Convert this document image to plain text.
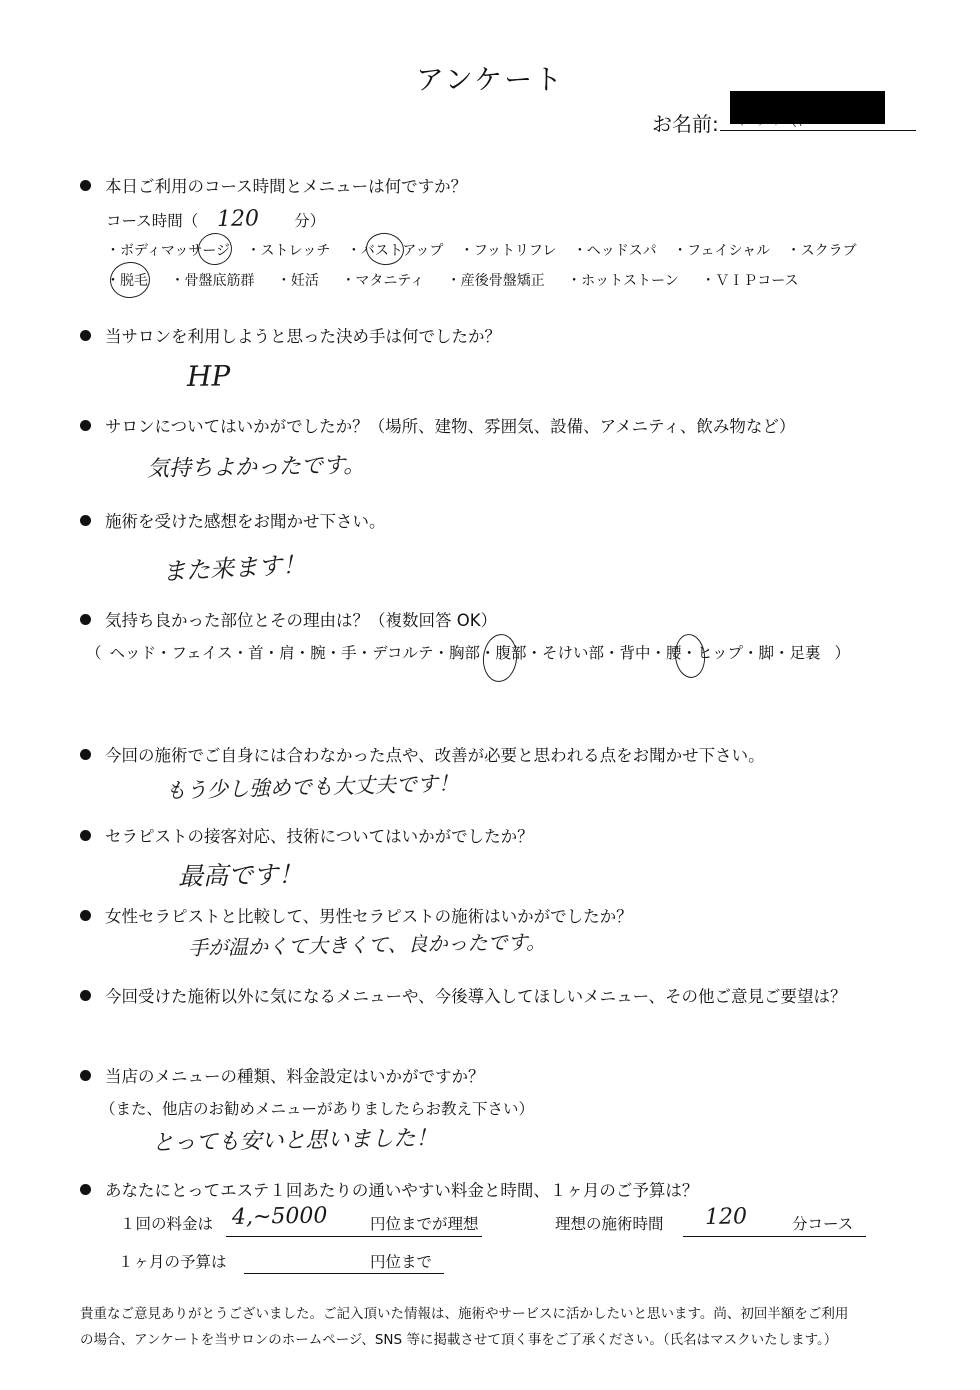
アンケート
お名前:
本日ご利用のコース時間とメニューは何ですか？
コース時間（ 120 分）
・ボディマッサージ ・ストレッチ ・バストアップ ・フットリフレ ・ヘッドスパ ・フェイシャル ・スクラブ
・脱毛 ・骨盤底筋群 ・妊活 ・マタニティ ・産後骨盤矯正 ・ホットストーン ・ＶＩＰコース
当サロンを利用しようと思った決め手は何でしたか？
HP
サロンについてはいかがでしたか？（場所、建物、雰囲気、設備、アメニティ、飲み物など）
気持ちよかったです。
施術を受けた感想をお聞かせ下さい。
また来ます！
気持ち良かった部位とその理由は？（複数回答 OK）
（ ヘッド・フェイス・首・肩・腕・手・デコルテ・胸部・腹部・そけい部・背中・腰・ヒップ・脚・足裏 ）
今回の施術でご自身には合わなかった点や、改善が必要と思われる点をお聞かせ下さい。
もう少し強めでも大丈夫です！
セラピストの接客対応、技術についてはいかがでしたか？
最高です！
女性セラピストと比較して、男性セラピストの施術はいかがでしたか？
手が温かくて大きくて、良かったです。
今回受けた施術以外に気になるメニューや、今後導入してほしいメニュー、その他ご意見ご要望は？
当店のメニューの種類、料金設定はいかがですか？
（また、他店のお勧めメニューがありましたらお教え下さい）
とっても安いと思いました！
あなたにとってエステ１回あたりの通いやすい料金と時間、１ヶ月のご予算は？
１回の料金は 4,~5000	円位までが理想	理想の施術時間 120	分コース
１ヶ月の予算は	円位まで
貴重なご意見ありがとうございました。ご記入頂いた情報は、施術やサービスに活かしたいと思います。尚、初回半額をご利用
の場合、アンケートを当サロンのホームページ、SNS 等に掲載させて頂く事をご了承ください。（氏名はマスクいたします。）
